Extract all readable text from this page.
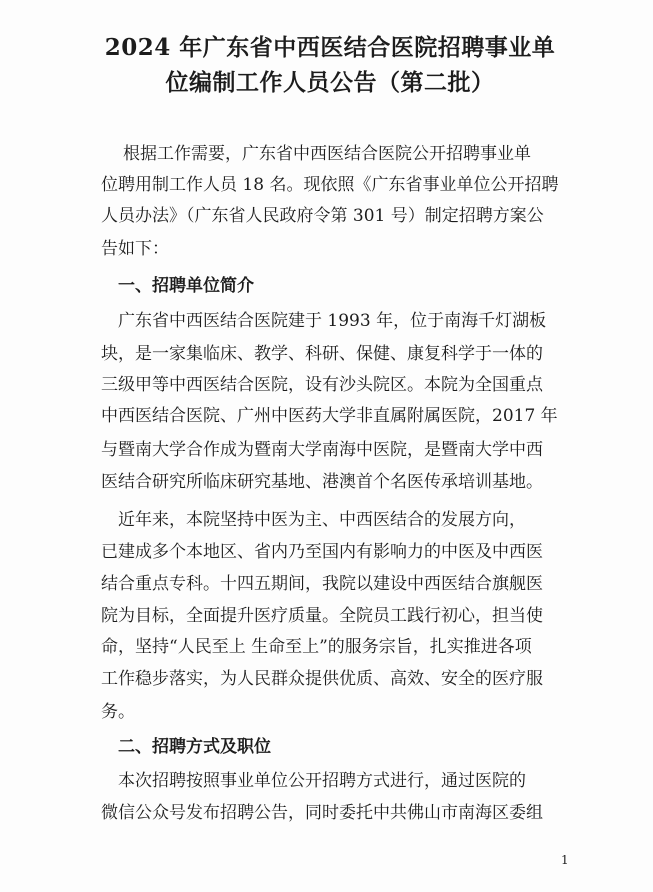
2024 年广东省中西医结合医院招聘事业单
位编制工作人员公告（第二批）

根据工作需要，广东省中西医结合医院公开招聘事业单

位聘用制工作人员 18 名。现依照《广东省事业单位公开招聘

人员办法》（广东省人民政府令第 301 号）制定招聘方案公

告如下：

一、招聘单位简介

广东省中西医结合医院建于 1993 年，位于南海千灯湖板

块，是一家集临床、教学、科研、保健、康复科学于一体的

三级甲等中西医结合医院，设有沙头院区。本院为全国重点

中西医结合医院、广州中医药大学非直属附属医院，2017 年

与暨南大学合作成为暨南大学南海中医院，是暨南大学中西

医结合研究所临床研究基地、港澳首个名医传承培训基地。

近年来，本院坚持中医为主、中西医结合的发展方向，

已建成多个本地区、省内乃至国内有影响力的中医及中西医

结合重点专科。十四五期间，我院以建设中西医结合旗舰医

院为目标，全面提升医疗质量。全院员工践行初心，担当使

命，坚持“人民至上 生命至上”的服务宗旨，扎实推进各项

工作稳步落实，为人民群众提供优质、高效、安全的医疗服

务。

二、招聘方式及职位

本次招聘按照事业单位公开招聘方式进行，通过医院的

微信公众号发布招聘公告，同时委托中共佛山市南海区委组

1
